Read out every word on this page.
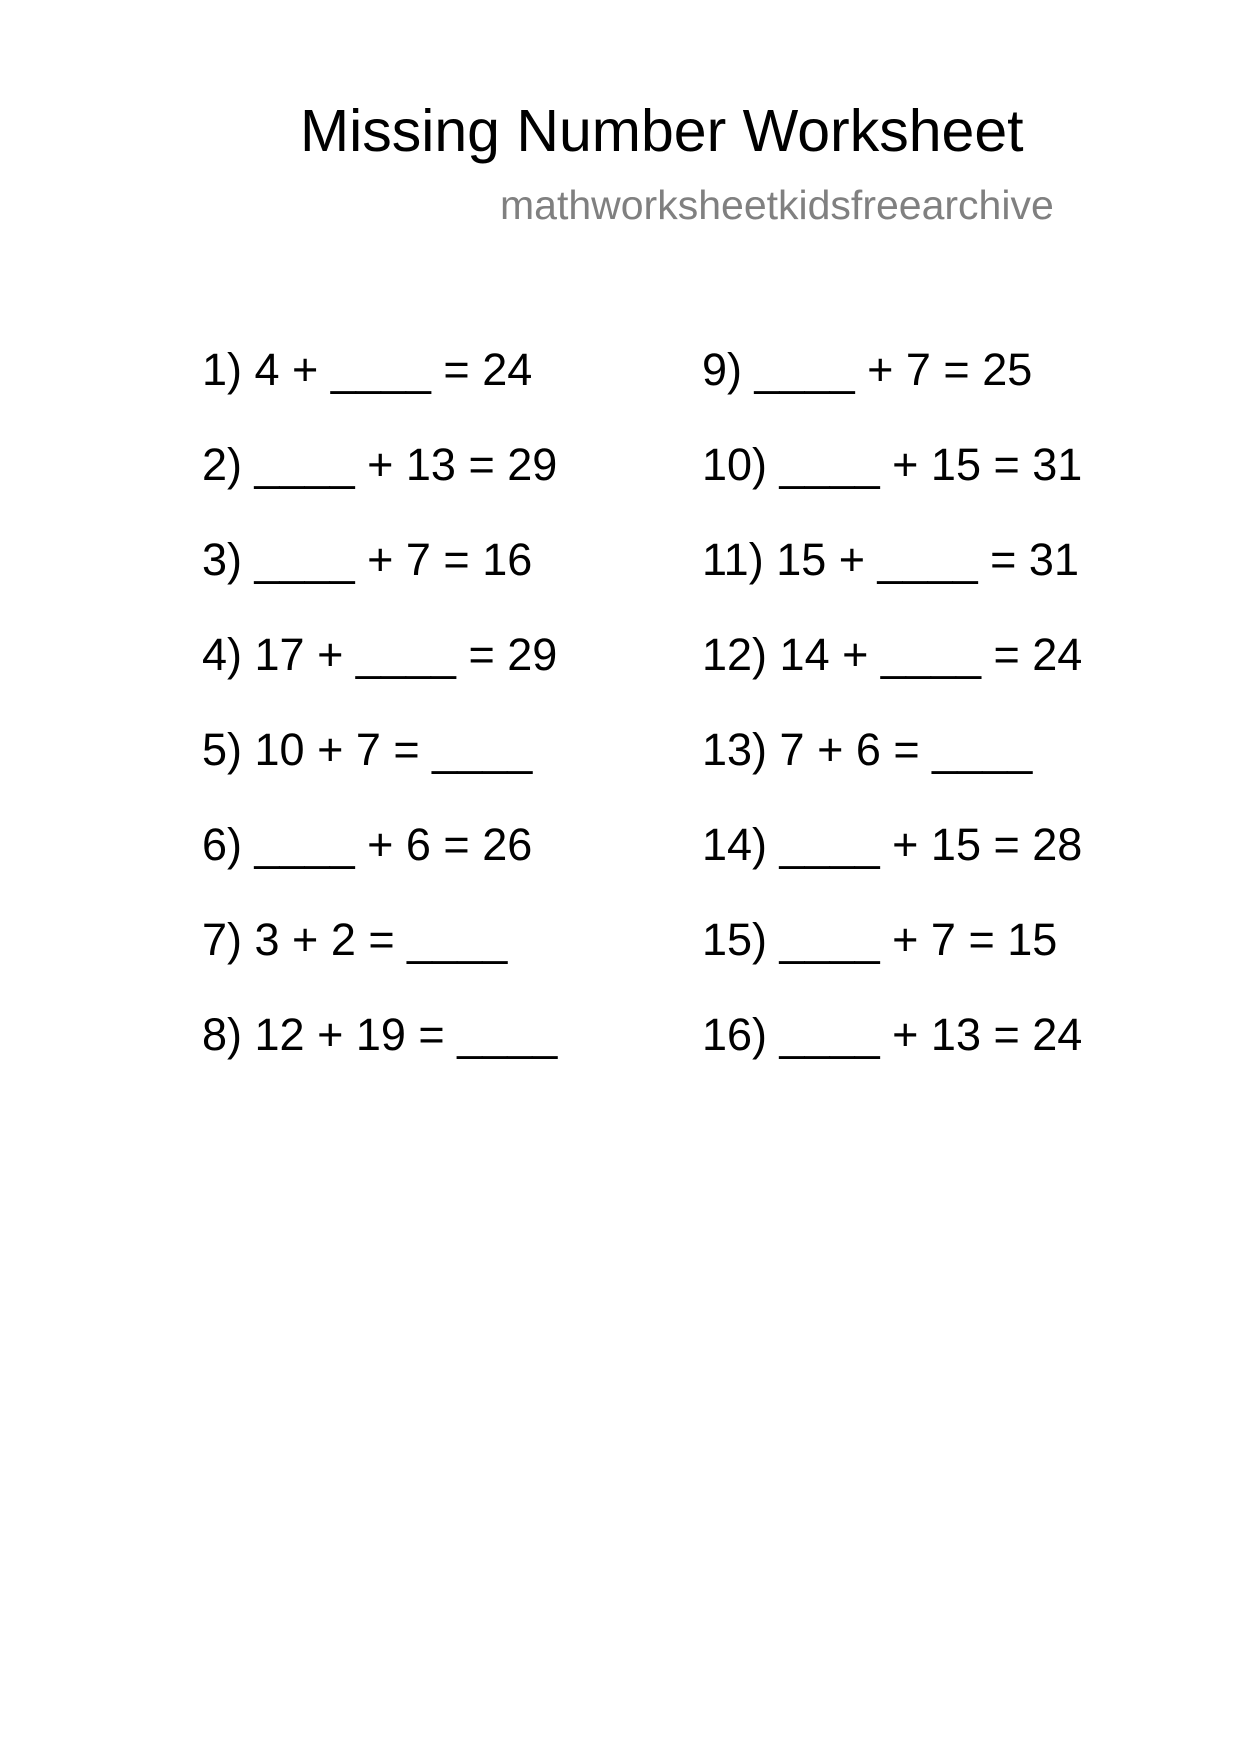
Missing Number Worksheet
mathworksheetkidsfreearchive
1) 4 + ____ = 24
2) ____ + 13 = 29
3) ____ + 7 = 16
4) 17 + ____ = 29
5) 10 + 7 = ____
6) ____ + 6 = 26
7) 3 + 2 = ____
8) 12 + 19 = ____
9) ____ + 7 = 25
10) ____ + 15 = 31
11) 15 + ____ = 31
12) 14 + ____ = 24
13) 7 + 6 = ____
14) ____ + 15 = 28
15) ____ + 7 = 15
16) ____ + 13 = 24
